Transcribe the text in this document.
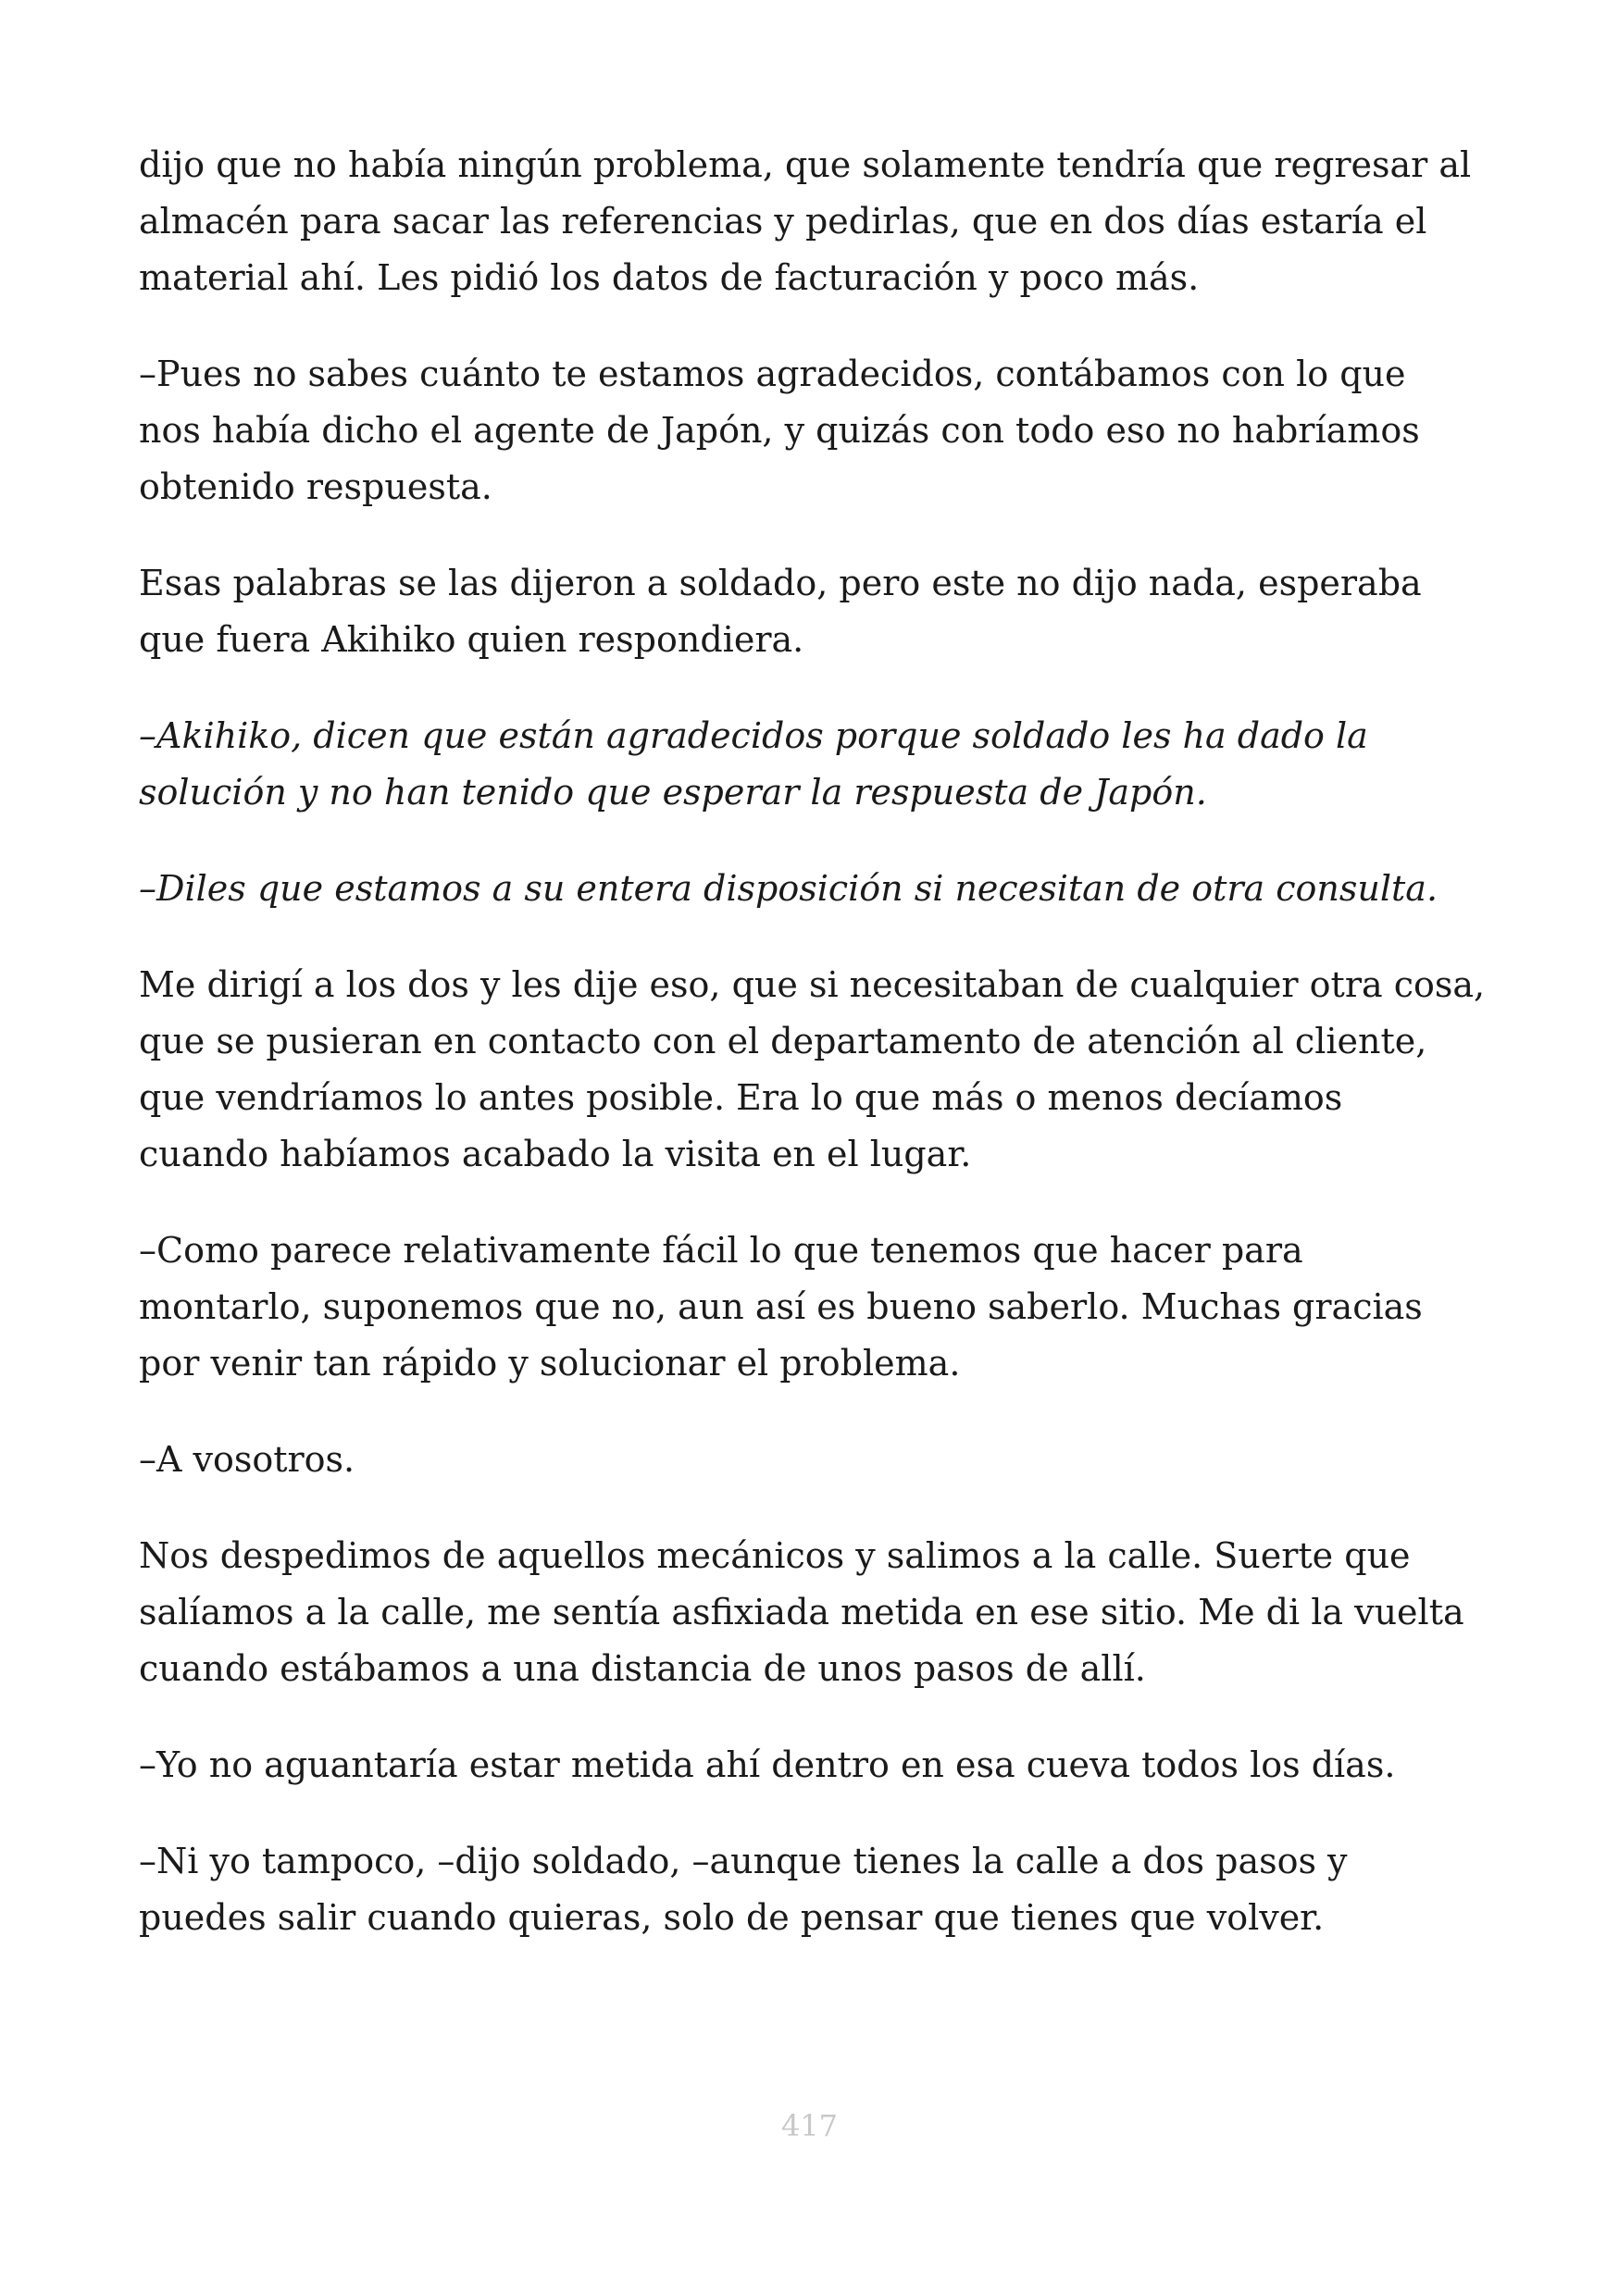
dijo que no había ningún problema, que solamente tendría que regresar al
almacén para sacar las referencias y pedirlas, que en dos días estaría el
material ahí. Les pidió los datos de facturación y poco más.

–Pues no sabes cuánto te estamos agradecidos, contábamos con lo que
nos había dicho el agente de Japón, y quizás con todo eso no habríamos
obtenido respuesta.

Esas palabras se las dijeron a soldado, pero este no dijo nada, esperaba
que fuera Akihiko quien respondiera.

–Akihiko, dicen que están agradecidos porque soldado les ha dado la
solución y no han tenido que esperar la respuesta de Japón.

–Diles que estamos a su entera disposición si necesitan de otra consulta.

Me dirigí a los dos y les dije eso, que si necesitaban de cualquier otra cosa,
que se pusieran en contacto con el departamento de atención al cliente,
que vendríamos lo antes posible. Era lo que más o menos decíamos
cuando habíamos acabado la visita en el lugar.

–Como parece relativamente fácil lo que tenemos que hacer para
montarlo, suponemos que no, aun así es bueno saberlo. Muchas gracias
por venir tan rápido y solucionar el problema.

–A vosotros.

Nos despedimos de aquellos mecánicos y salimos a la calle. Suerte que
salíamos a la calle, me sentía asfixiada metida en ese sitio. Me di la vuelta
cuando estábamos a una distancia de unos pasos de allí.

–Yo no aguantaría estar metida ahí dentro en esa cueva todos los días.

–Ni yo tampoco, –dijo soldado, –aunque tienes la calle a dos pasos y
puedes salir cuando quieras, solo de pensar que tienes que volver.

417
